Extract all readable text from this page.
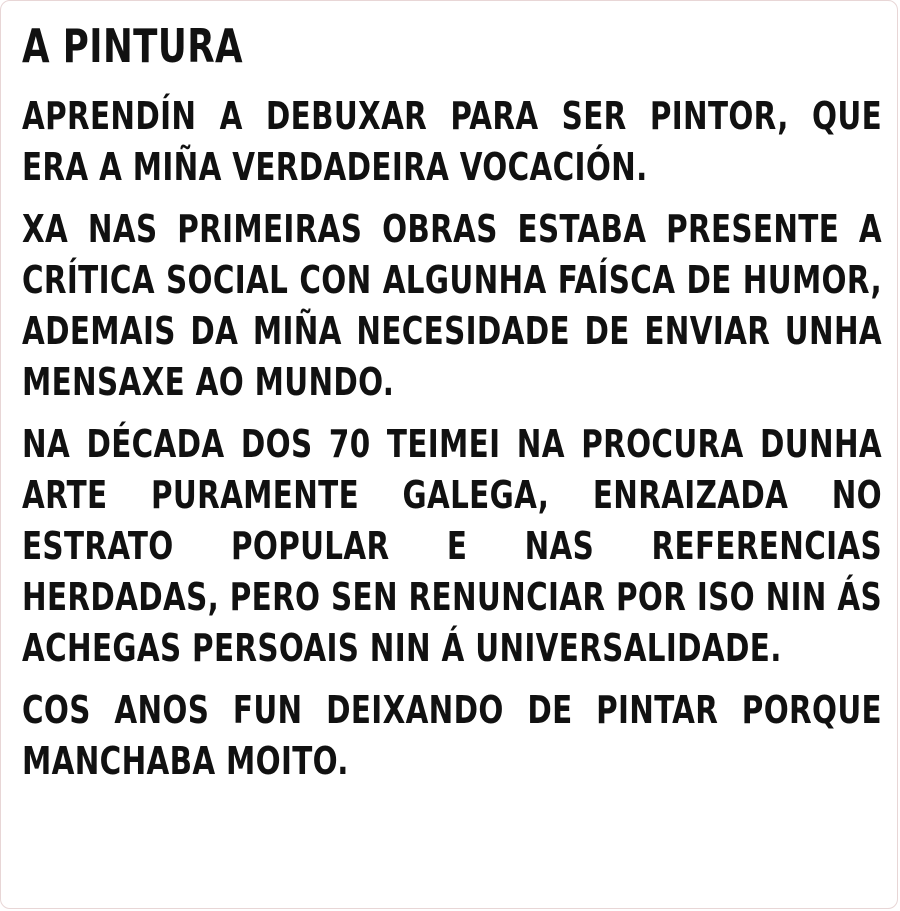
A PINTURA

APRENDÍN A DEBUXAR PARA SER PINTOR, QUE ERA A MIÑA VERDADEIRA VOCACIÓN.

XA NAS PRIMEIRAS OBRAS ESTABA PRESENTE A CRÍTICA SOCIAL CON ALGUNHA FAÍSCA DE HUMOR, ADEMAIS DA MIÑA NECESIDADE DE ENVIAR UNHA MENSAXE AO MUNDO.

NA DÉCADA DOS 70 TEIMEI NA PROCURA DUNHA ARTE PURAMENTE GALEGA, ENRAIZADA NO ESTRATO POPULAR E NAS REFERENCIAS HERDADAS, PERO SEN RENUNCIAR POR ISO NIN ÁS ACHEGAS PERSOAIS NIN Á UNIVERSALIDADE.

COS ANOS FUN DEIXANDO DE PINTAR PORQUE MANCHABA MOITO.
